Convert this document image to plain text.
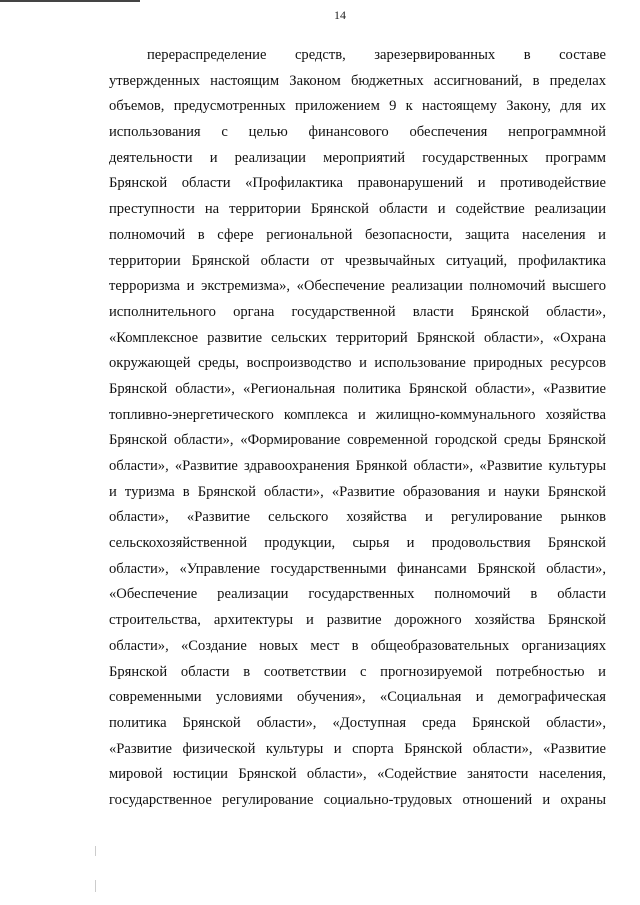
14
перераспределение средств, зарезервированных в составе
утвержденных настоящим Законом бюджетных ассигнований, в пределах
объемов, предусмотренных приложением 9 к настоящему Закону, для их
использования с целью финансового обеспечения непрограммной
деятельности и реализации мероприятий государственных программ
Брянской области «Профилактика правонарушений и противодействие
преступности на территории Брянской области и содействие реализации
полномочий в сфере региональной безопасности, защита населения и
территории Брянской области от чрезвычайных ситуаций, профилактика
терроризма и экстремизма», «Обеспечение реализации полномочий высшего
исполнительного органа государственной власти Брянской области»,
«Комплексное развитие сельских территорий Брянской области», «Охрана
окружающей среды, воспроизводство и использование природных ресурсов
Брянской области», «Региональная политика Брянской области», «Развитие
топливно-энергетического комплекса и жилищно-коммунального хозяйства
Брянской области», «Формирование современной городской среды Брянской
области», «Развитие здравоохранения Брянкой области», «Развитие культуры
и туризма в Брянской области», «Развитие образования и науки Брянской
области», «Развитие сельского хозяйства и регулирование рынков
сельскохозяйственной продукции, сырья и продовольствия Брянской
области», «Управление государственными финансами Брянской области»,
«Обеспечение реализации государственных полномочий в области
строительства, архитектуры и развитие дорожного хозяйства Брянской
области», «Создание новых мест в общеобразовательных организациях
Брянской области в соответствии с прогнозируемой потребностью и
современными условиями обучения», «Социальная и демографическая
политика Брянской области», «Доступная среда Брянской области»,
«Развитие физической культуры и спорта Брянской области», «Развитие
мировой юстиции Брянской области», «Содействие занятости населения,
государственное регулирование социально-трудовых отношений и охраны
